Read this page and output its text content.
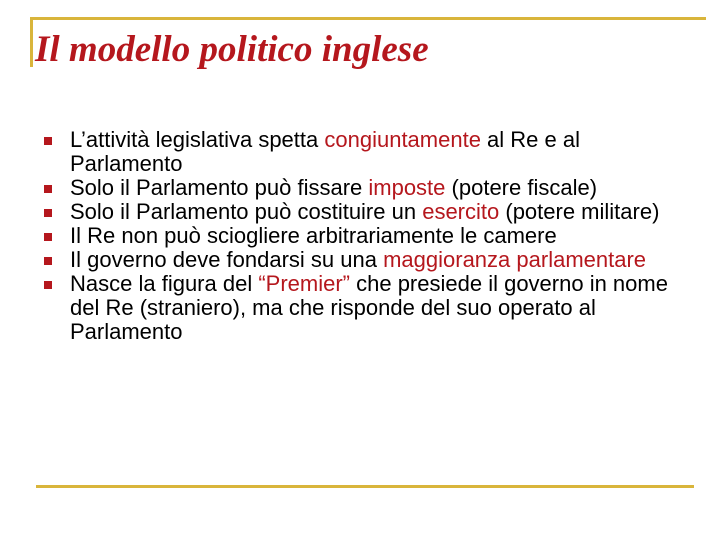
Il modello politico inglese
L’attività legislativa spetta congiuntamente al Re e al Parlamento
Solo il Parlamento può fissare imposte (potere fiscale)
Solo il Parlamento può costituire un esercito (potere militare)
Il Re non può sciogliere arbitrariamente le camere
Il governo deve fondarsi su una maggioranza parlamentare
Nasce la figura del “Premier” che presiede il governo in nome del Re (straniero), ma che risponde del suo operato al Parlamento
